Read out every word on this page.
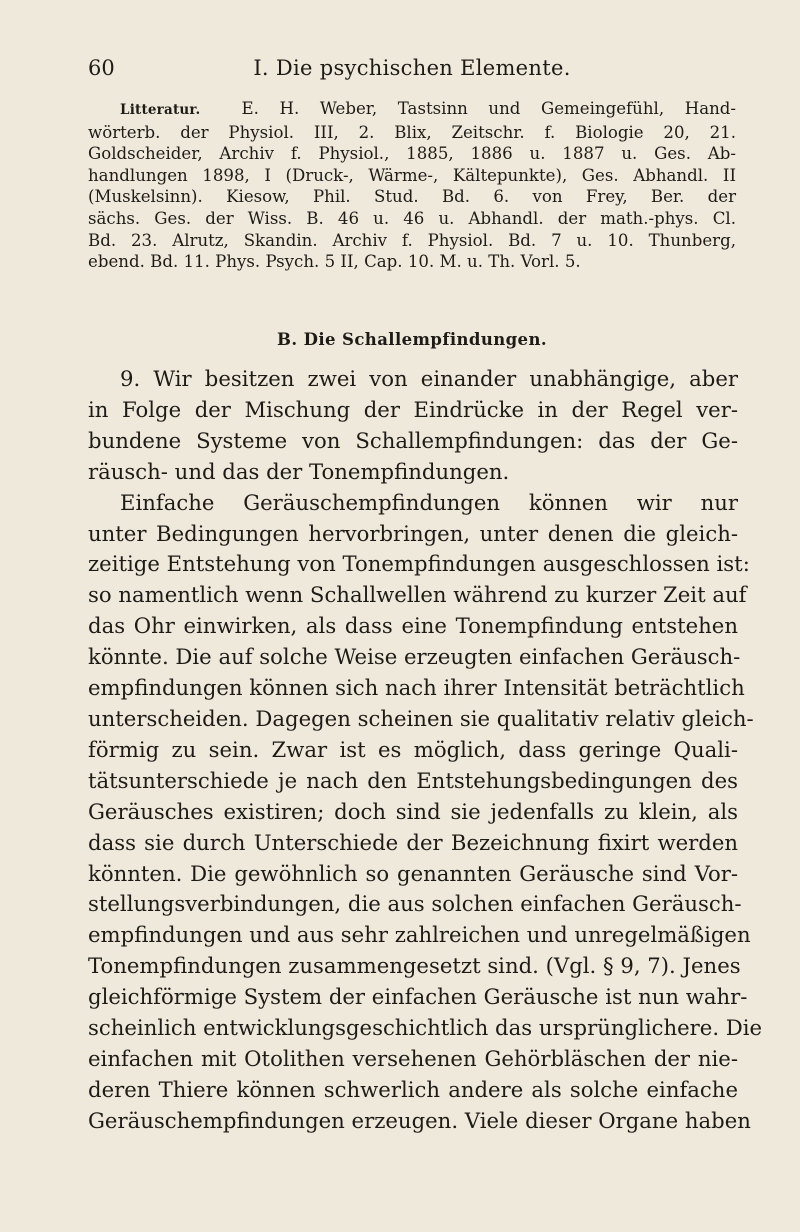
60	I. Die psychischen Elemente.
Litteratur. E. H. Weber, Tastsinn und Gemeingefühl, Hand-
wörterb. der Physiol. III, 2. Blix, Zeitschr. f. Biologie 20, 21.
Goldscheider, Archiv f. Physiol., 1885, 1886 u. 1887 u. Ges. Ab-
handlungen 1898, I (Druck-, Wärme-, Kältepunkte), Ges. Abhandl. II
(Muskelsinn). Kiesow, Phil. Stud. Bd. 6. von Frey, Ber. der
sächs. Ges. der Wiss. B. 46 u. 46 u. Abhandl. der math.-phys. Cl.
Bd. 23. Alrutz, Skandin. Archiv f. Physiol. Bd. 7 u. 10. Thunberg,
ebend. Bd. 11. Phys. Psych. 5 II, Cap. 10. M. u. Th. Vorl. 5.
B. Die Schallempfindungen.
9. Wir besitzen zwei von einander unabhängige, aber
in Folge der Mischung der Eindrücke in der Regel ver-
bundene Systeme von Schallempfindungen: das der Ge-
räusch- und das der Tonempfindungen.
Einfache Geräuschempfindungen können wir nur
unter Bedingungen hervorbringen, unter denen die gleich-
zeitige Entstehung von Tonempfindungen ausgeschlossen ist:
so namentlich wenn Schallwellen während zu kurzer Zeit auf
das Ohr einwirken, als dass eine Tonempfindung entstehen
könnte. Die auf solche Weise erzeugten einfachen Geräusch-
empfindungen können sich nach ihrer Intensität beträchtlich
unterscheiden. Dagegen scheinen sie qualitativ relativ gleich-
förmig zu sein. Zwar ist es möglich, dass geringe Quali-
tätsunterschiede je nach den Entstehungsbedingungen des
Geräusches existiren; doch sind sie jedenfalls zu klein, als
dass sie durch Unterschiede der Bezeichnung fixirt werden
könnten. Die gewöhnlich so genannten Geräusche sind Vor-
stellungsverbindungen, die aus solchen einfachen Geräusch-
empfindungen und aus sehr zahlreichen und unregelmäßigen
Tonempfindungen zusammengesetzt sind. (Vgl. § 9, 7). Jenes
gleichförmige System der einfachen Geräusche ist nun wahr-
scheinlich entwicklungsgeschichtlich das ursprünglichere. Die
einfachen mit Otolithen versehenen Gehörbläschen der nie-
deren Thiere können schwerlich andere als solche einfache
Geräuschempfindungen erzeugen. Viele dieser Organe haben
